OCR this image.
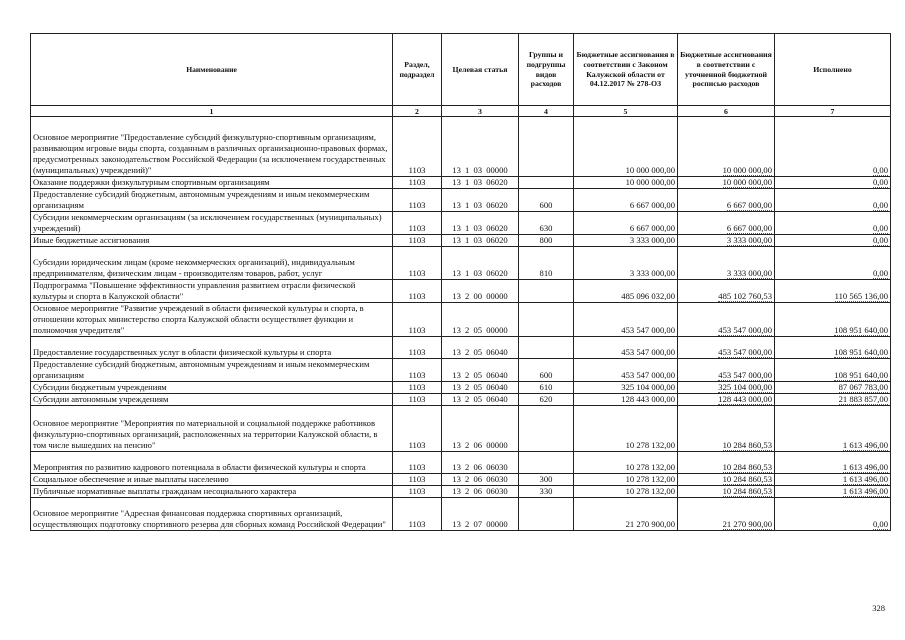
Наименование	Раздел, подраздел	Целевая статья	Группы и подгруппы видов расходов	Бюджетные ассигнования в соответствии с Законом Калужской области от 04.12.2017 № 278-ОЗ	Бюджетные ассигнования в соответствии с уточненной бюджетной росписью расходов	Исполнено
1	2	3	4	5	6	7
Основное мероприятие "Предоставление субсидий физкультурно-спортивным организациям, развивающим игровые виды спорта, созданным в различных организационно-правовых формах, предусмотренных законодательством Российской Федерации (за исключением государственных (муниципальных) учреждений)"	1103	13 1 03 00000		10 000 000,00	10 000 000,00	0,00
Оказание поддержки физкультурным спортивным организациям	1103	13 1 03 06020		10 000 000,00	10 000 000,00	0,00
Предоставление субсидий бюджетным, автономным учреждениям и иным некоммерческим организациям	1103	13 1 03 06020	600	6 667 000,00	6 667 000,00	0,00
Субсидии некоммерческим организациям (за исключением государственных (муниципальных) учреждений)	1103	13 1 03 06020	630	6 667 000,00	6 667 000,00	0,00
Иные бюджетные ассигнования	1103	13 1 03 06020	800	3 333 000,00	3 333 000,00	0,00
Субсидии юридическим лицам (кроме некоммерческих организаций), индивидуальным предпринимателям, физическим лицам - производителям товаров, работ, услуг	1103	13 1 03 06020	810	3 333 000,00	3 333 000,00	0,00
Подпрограмма "Повышение эффективности управления развитием отрасли физической культуры и спорта в Калужской области"	1103	13 2 00 00000		485 096 032,00	485 102 760,53	110 565 136,00
Основное мероприятие "Развитие учреждений в области физической культуры и спорта, в отношении которых министерство спорта Калужской области осуществляет функции и полномочия учредителя"	1103	13 2 05 00000		453 547 000,00	453 547 000,00	108 951 640,00
Предоставление государственных услуг в области физической культуры и спорта	1103	13 2 05 06040		453 547 000,00	453 547 000,00	108 951 640,00
Предоставление субсидий бюджетным, автономным учреждениям и иным некоммерческим организациям	1103	13 2 05 06040	600	453 547 000,00	453 547 000,00	108 951 640,00
Субсидии бюджетным учреждениям	1103	13 2 05 06040	610	325 104 000,00	325 104 000,00	87 067 783,00
Субсидии автономным учреждениям	1103	13 2 05 06040	620	128 443 000,00	128 443 000,00	21 883 857,00
Основное мероприятие "Мероприятия по материальной и социальной поддержке работников физкультурно-спортивных организаций, расположенных на территории Калужской области, в том числе вышедших на пенсию"	1103	13 2 06 00000		10 278 132,00	10 284 860,53	1 613 496,00
Мероприятия по развитию кадрового потенциала в области физической культуры и спорта	1103	13 2 06 06030		10 278 132,00	10 284 860,53	1 613 496,00
Социальное обеспечение и иные выплаты населению	1103	13 2 06 06030	300	10 278 132,00	10 284 860,53	1 613 496,00
Публичные нормативные выплаты гражданам несоциального характера	1103	13 2 06 06030	330	10 278 132,00	10 284 860,53	1 613 496,00
Основное мероприятие "Адресная финансовая поддержка спортивных организаций, осуществляющих подготовку спортивного резерва для сборных команд Российской Федерации"	1103	13 2 07 00000		21 270 900,00	21 270 900,00	0,00
328
